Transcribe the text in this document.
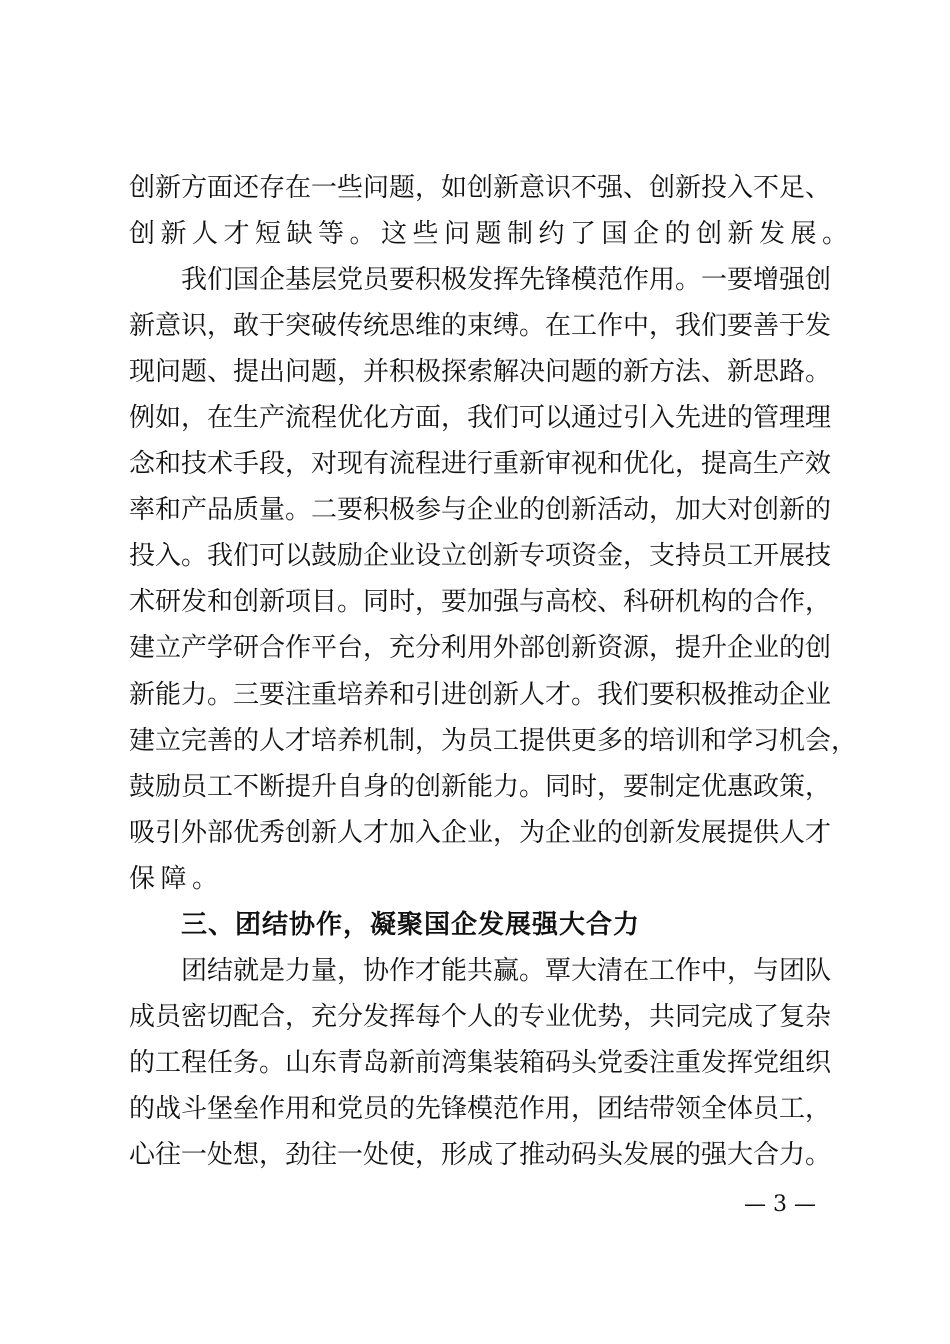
创新方面还存在一些问题，如创新意识不强、创新投入不足、
创新人才短缺等。这些问题制约了国企的创新发展。
我们国企基层党员要积极发挥先锋模范作用。一要增强创
新意识，敢于突破传统思维的束缚。在工作中，我们要善于发
现问题、提出问题，并积极探索解决问题的新方法、新思路。
例如，在生产流程优化方面，我们可以通过引入先进的管理理
念和技术手段，对现有流程进行重新审视和优化，提高生产效
率和产品质量。二要积极参与企业的创新活动，加大对创新的
投入。我们可以鼓励企业设立创新专项资金，支持员工开展技
术研发和创新项目。同时，要加强与高校、科研机构的合作，
建立产学研合作平台，充分利用外部创新资源，提升企业的创
新能力。三要注重培养和引进创新人才。我们要积极推动企业
建立完善的人才培养机制，为员工提供更多的培训和学习机会，
鼓励员工不断提升自身的创新能力。同时，要制定优惠政策，
吸引外部优秀创新人才加入企业，为企业的创新发展提供人才
保障。
三、团结协作，凝聚国企发展强大合力
团结就是力量，协作才能共赢。覃大清在工作中，与团队
成员密切配合，充分发挥每个人的专业优势，共同完成了复杂
的工程任务。山东青岛新前湾集装箱码头党委注重发挥党组织
的战斗堡垒作用和党员的先锋模范作用，团结带领全体员工，
心往一处想，劲往一处使，形成了推动码头发展的强大合力。
— 3 —
